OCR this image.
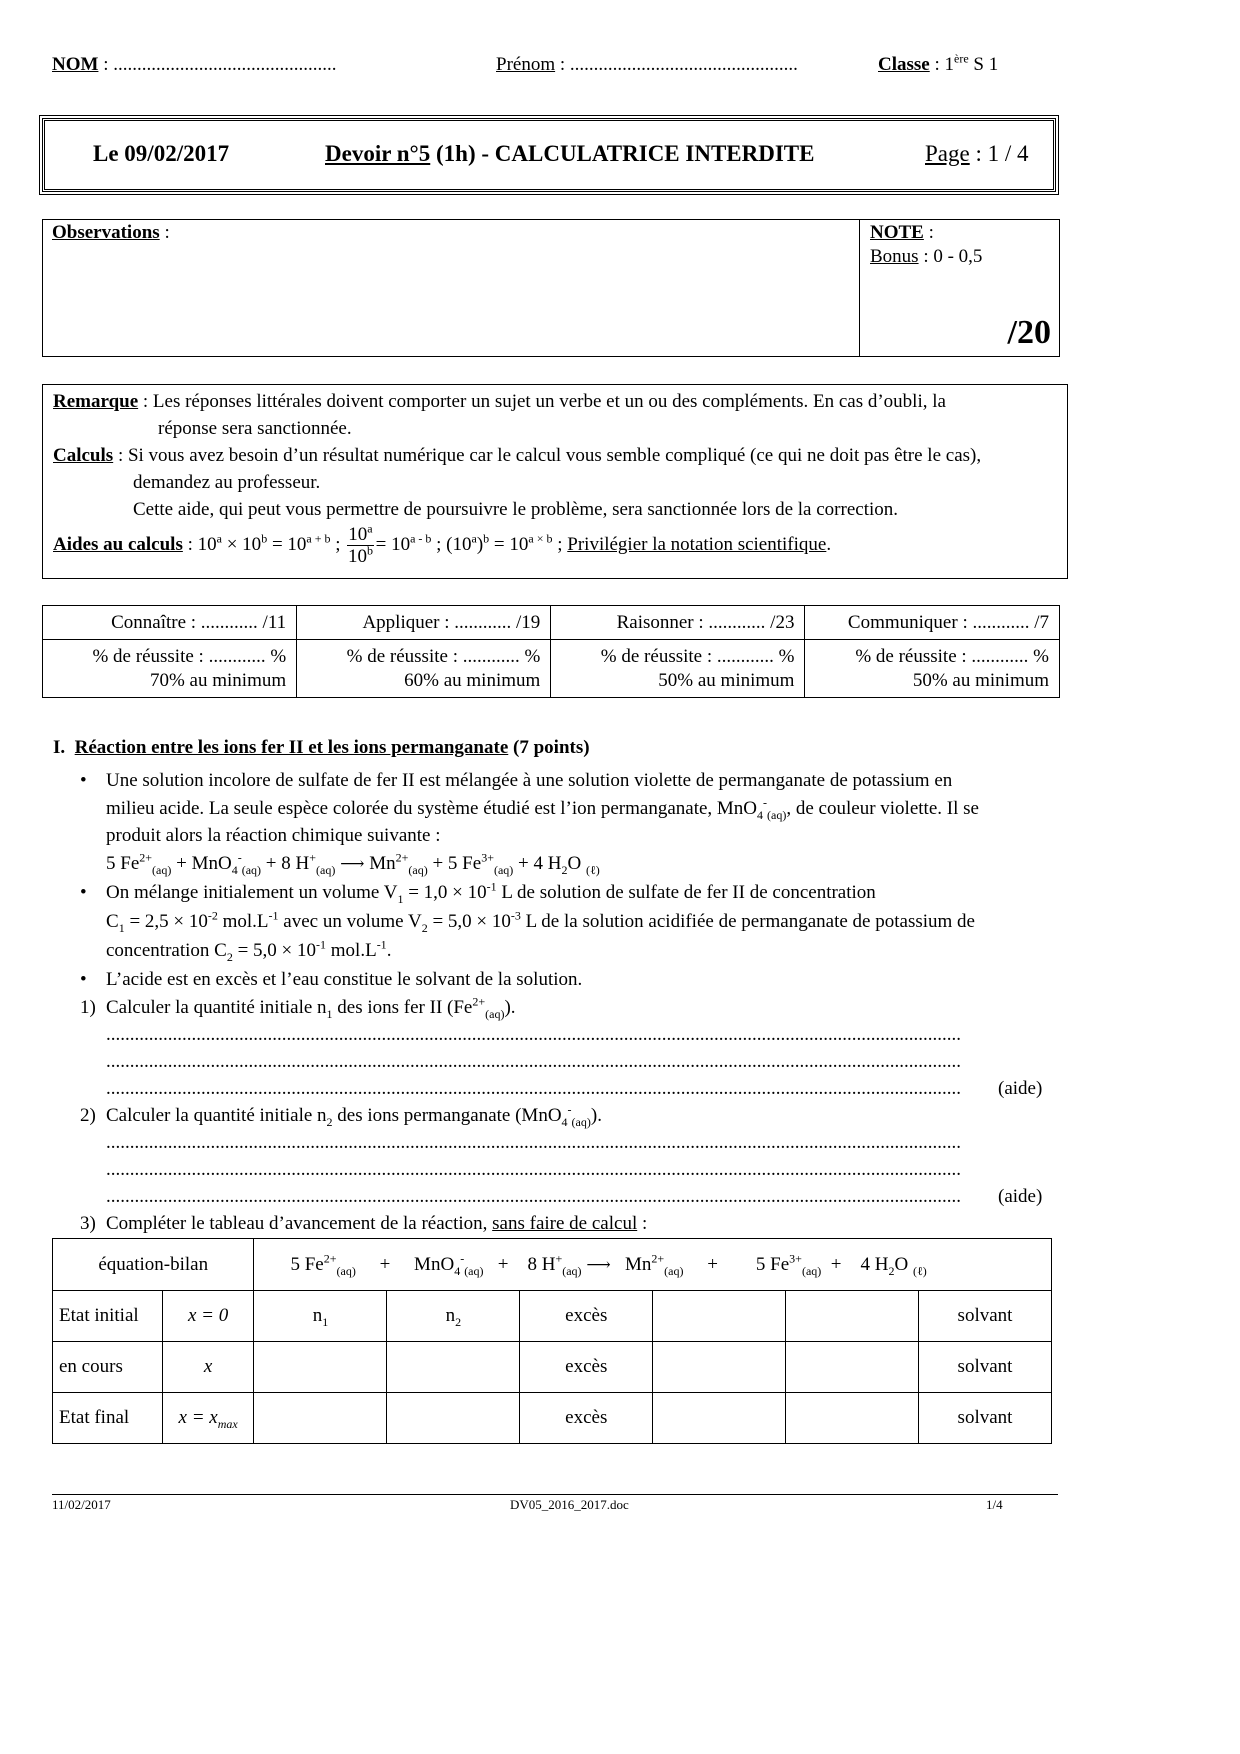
NOM : ...............................................	Prénom : ................................................	Classe : 1ère S 1
Le 09/02/2017	Devoir n°5 (1h) - CALCULATRICE INTERDITE	Page : 1 / 4
Observations :	NOTE :
Bonus : 0 - 0,5
/20
Remarque : Les réponses littérales doivent comporter un sujet un verbe et un ou des compléments. En cas d’oubli, la
réponse sera sanctionnée.
Calculs : Si vous avez besoin d’un résultat numérique car le calcul vous semble compliqué (ce qui ne doit pas être le cas),
demandez au professeur.
Cette aide, qui peut vous permettre de poursuivre le problème, sera sanctionnée lors de la correction.
Aides au calculs : $10^a \times 10^b = 10^{a + b}$ ; $\frac{10^a}{10^b} = 10^{a - b}$ ; $(10^a)^b = 10^{a \times b}$ ; Privilégier la notation scientifique.
Connaître : ............ /11	Appliquer : ............ /19	Raisonner : ............ /23	Communiquer : ............ /7
% de réussite : ............ %
70% au minimum	% de réussite : ............ %
60% au minimum	% de réussite : ............ %
50% au minimum	% de réussite : ............ %
50% au minimum
I. Réaction entre les ions fer II et les ions permanganate (7 points)
• Une solution incolore de sulfate de fer II est mélangée à une solution violette de permanganate de potassium en
milieu acide. La seule espèce colorée du système étudié est l’ion permanganate, MnO$_4$-$_{(aq)}$, de couleur violette. Il se
produit alors la réaction chimique suivante :
5 $Fe^{2+}_{(aq)} + MnO_4^-_{(aq)} + 8$ $H^+_{(aq)}$ ⟶ $Mn^{2+}_{(aq)} + 5$ $Fe^{3+}_{(aq)} + 4$ $H_2O$ $_{(\ell)}$
• On mélange initialement un volume $V_1 = 1,0 \times 10^{-1}$ L de solution de sulfate de fer II de concentration
$C_1 = 2,5 \times 10^{-2}$ $mol.L^{-1}$ avec un volume $V_2 = 5,0 \times 10^{-3}$ L de la solution acidifiée de permanganate de potassium de
concentration $C_2 = 5,0 \times 10^{-1}$ $mol.L^{-1}$.
• L’acide est en excès et l’eau constitue le solvant de la solution.
1) Calculer la quantité initiale $n_1$ des ions fer II $(Fe^{2+}_{(aq)})$.
....................................................................................................................................................................................
....................................................................................................................................................................................
....................................................................................................................................................................................	(aide)
2) Calculer la quantité initiale $n_2$ des ions permanganate (MnO$_4$-$_{(aq)}$).
....................................................................................................................................................................................
....................................................................................................................................................................................
....................................................................................................................................................................................	(aide)
3) Compléter le tableau d’avancement de la réaction, sans faire de calcul :
équation-bilan		5 $Fe^{2+}_{(aq)}$     +     MnO$_4$-$_{(aq)}$   +    8 $H^+_{(aq)}$ ⟶   $Mn^{2+}_{(aq)}$     +        5 $Fe^{3+}_{(aq)}$  +    4 $H_2O$ $_{(\ell)}$
Etat initial	x = 0	$n_1$	$n_2$	excès			solvant
en cours	x			excès			solvant
Etat final	$x = x_{max}$			excès			solvant
11/02/2017	DV05_2016_2017.doc	1/4
